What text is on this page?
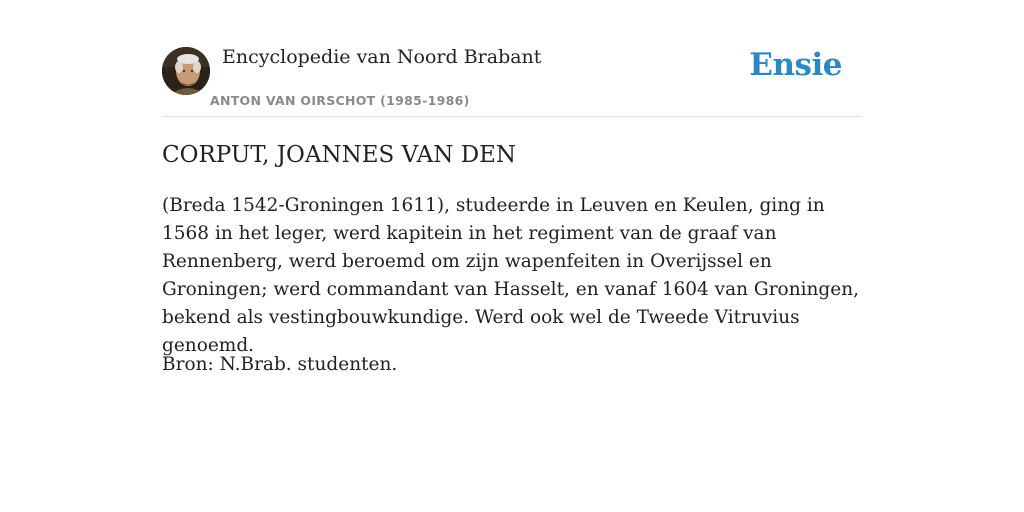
Encyclopedie van Noord Brabant
ANTON VAN OIRSCHOT (1985-1986)
Ensie
CORPUT, JOANNES VAN DEN

(Breda 1542-Groningen 1611), studeerde in Leuven en Keulen, ging in 1568 in het leger, werd kapitein in het regiment van de graaf van Rennenberg, werd beroemd om zijn wapenfeiten in Overijssel en Groningen; werd commandant van Hasselt, en vanaf 1604 van Groningen, bekend als vestingbouwkundige. Werd ook wel de Tweede Vitruvius genoemd.

Bron: N.Brab. studenten.
